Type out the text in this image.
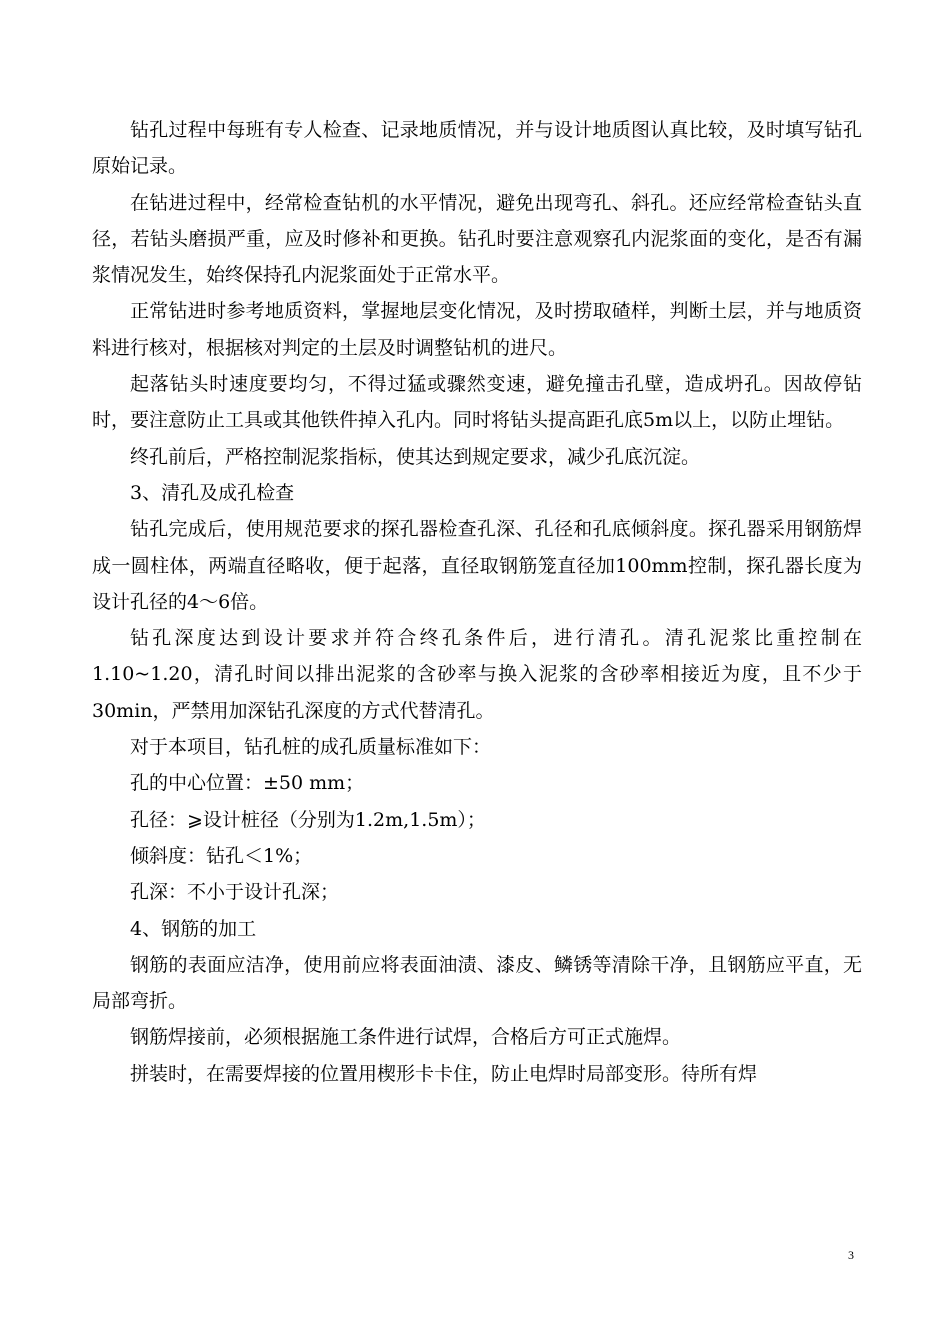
钻孔过程中每班有专人检查、记录地质情况，并与设计地质图认真比较，及时填写钻孔原始记录。

在钻进过程中，经常检查钻机的水平情况，避免出现弯孔、斜孔。还应经常检查钻头直径，若钻头磨损严重，应及时修补和更换。钻孔时要注意观察孔内泥浆面的变化，是否有漏浆情况发生，始终保持孔内泥浆面处于正常水平。

正常钻进时参考地质资料，掌握地层变化情况，及时捞取碴样，判断土层，并与地质资料进行核对，根据核对判定的土层及时调整钻机的进尺。

起落钻头时速度要均匀，不得过猛或骤然变速，避免撞击孔壁，造成坍孔。因故停钻时，要注意防止工具或其他铁件掉入孔内。同时将钻头提高距孔底5m以上，以防止埋钻。

终孔前后，严格控制泥浆指标，使其达到规定要求，减少孔底沉淀。

3、清孔及成孔检查

钻孔完成后，使用规范要求的探孔器检查孔深、孔径和孔底倾斜度。探孔器采用钢筋焊成一圆柱体，两端直径略收，便于起落，直径取钢筋笼直径加100mm控制，探孔器长度为设计孔径的4～6倍。

钻孔深度达到设计要求并符合终孔条件后，进行清孔。清孔泥浆比重控制在1.10~1.20，清孔时间以排出泥浆的含砂率与换入泥浆的含砂率相接近为度，且不少于30min，严禁用加深钻孔深度的方式代替清孔。

对于本项目，钻孔桩的成孔质量标准如下：

孔的中心位置：±50 mm；

孔径：⩾设计桩径（分别为1.2m,1.5m）；

倾斜度：钻孔＜1%；

孔深：不小于设计孔深；

4、钢筋的加工

钢筋的表面应洁净，使用前应将表面油渍、漆皮、鳞锈等清除干净，且钢筋应平直，无局部弯折。

钢筋焊接前，必须根据施工条件进行试焊，合格后方可正式施焊。

拼装时，在需要焊接的位置用楔形卡卡住，防止电焊时局部变形。待所有焊

3
